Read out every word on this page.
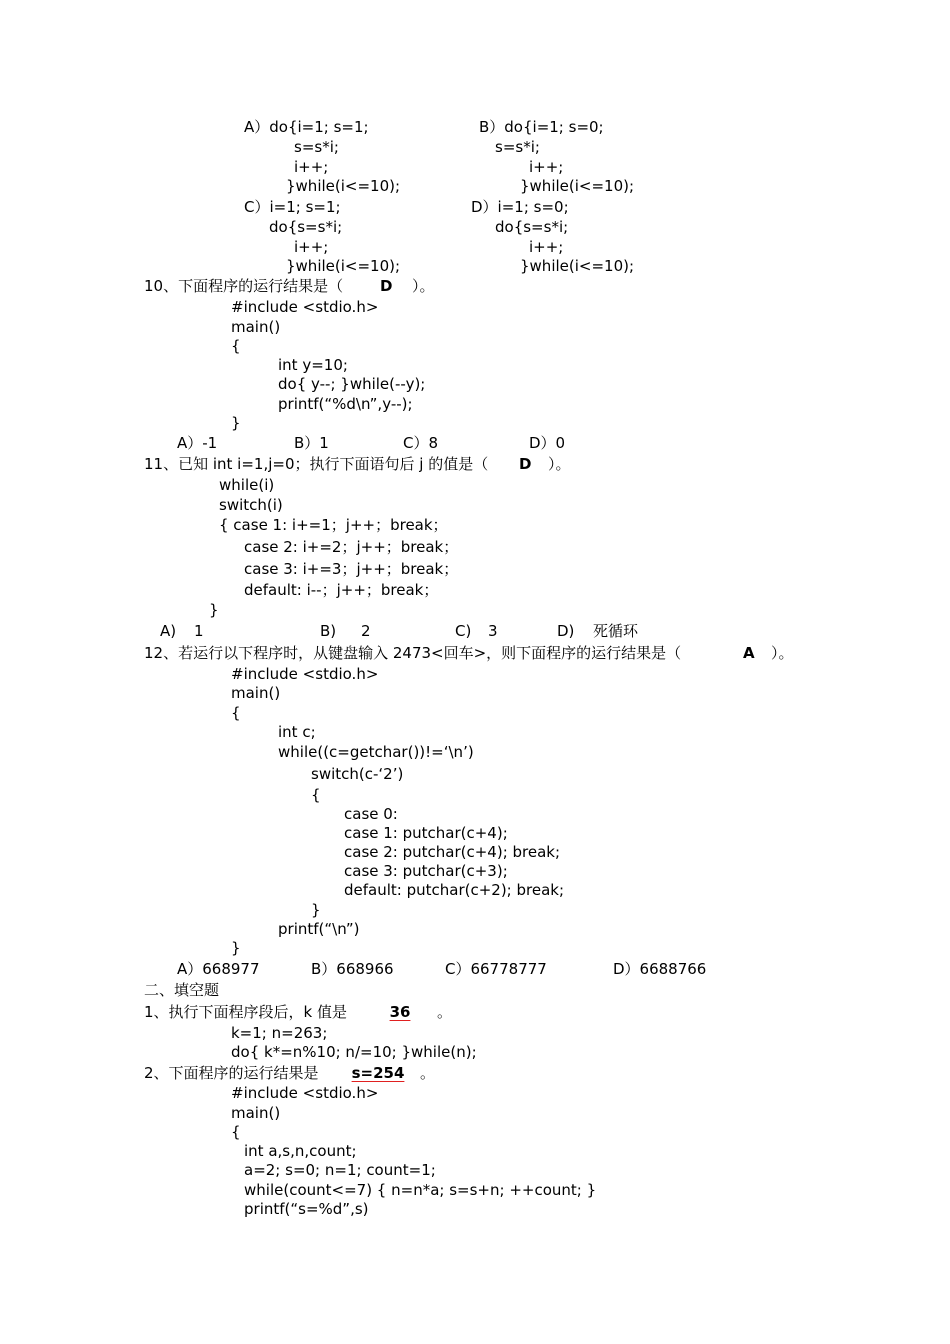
A）do{i=1; s=1;
s=s*i;
i++;
}while(i<=10);
B）do{i=1; s=0;
s=s*i;
i++;
}while(i<=10);
C）i=1; s=1;
do{s=s*i;
i++;
}while(i<=10);
D）i=1; s=0;
do{s=s*i;
i++;
}while(i<=10);
10、下面程序的运行结果是（ D ）。
#include <stdio.h>
main()
{
int y=10;
do{ y--; }while(--y);
printf(“%d\n”,y--);
}
A）-1	B）1	C）8	D）0
11、已知 int i=1,j=0；执行下面语句后 j 的值是（ D ）。
while(i)
switch(i)
{ case 1: i+=1；j++；break；
case 2: i+=2；j++；break；
case 3: i+=3；j++；break；
default: i--；j++；break；
}
A) 1	B) 2	C) 3	D) 死循环
12、若运行以下程序时，从键盘输入 2473<回车>，则下面程序的运行结果是（	A ）。
#include <stdio.h>
main()
{
int c;
while((c=getchar())!=‘\n’)
switch(c-‘2’)
{
case 0:
case 1: putchar(c+4);
case 2: putchar(c+4); break;
case 3: putchar(c+3);
default: putchar(c+2); break;
}
printf(“\n”)
}
A）668977	B）668966	C）66778777	D）6688766
二、填空题
1、执行下面程序段后，k 值是	36	。
k=1; n=263;
do{ k*=n%10; n/=10; }while(n);
2、下面程序的运行结果是	s=254	。
#include <stdio.h>
main()
{
int a,s,n,count;
a=2; s=0; n=1; count=1;
while(count<=7) { n=n*a; s=s+n; ++count; }
printf(“s=%d”,s)
